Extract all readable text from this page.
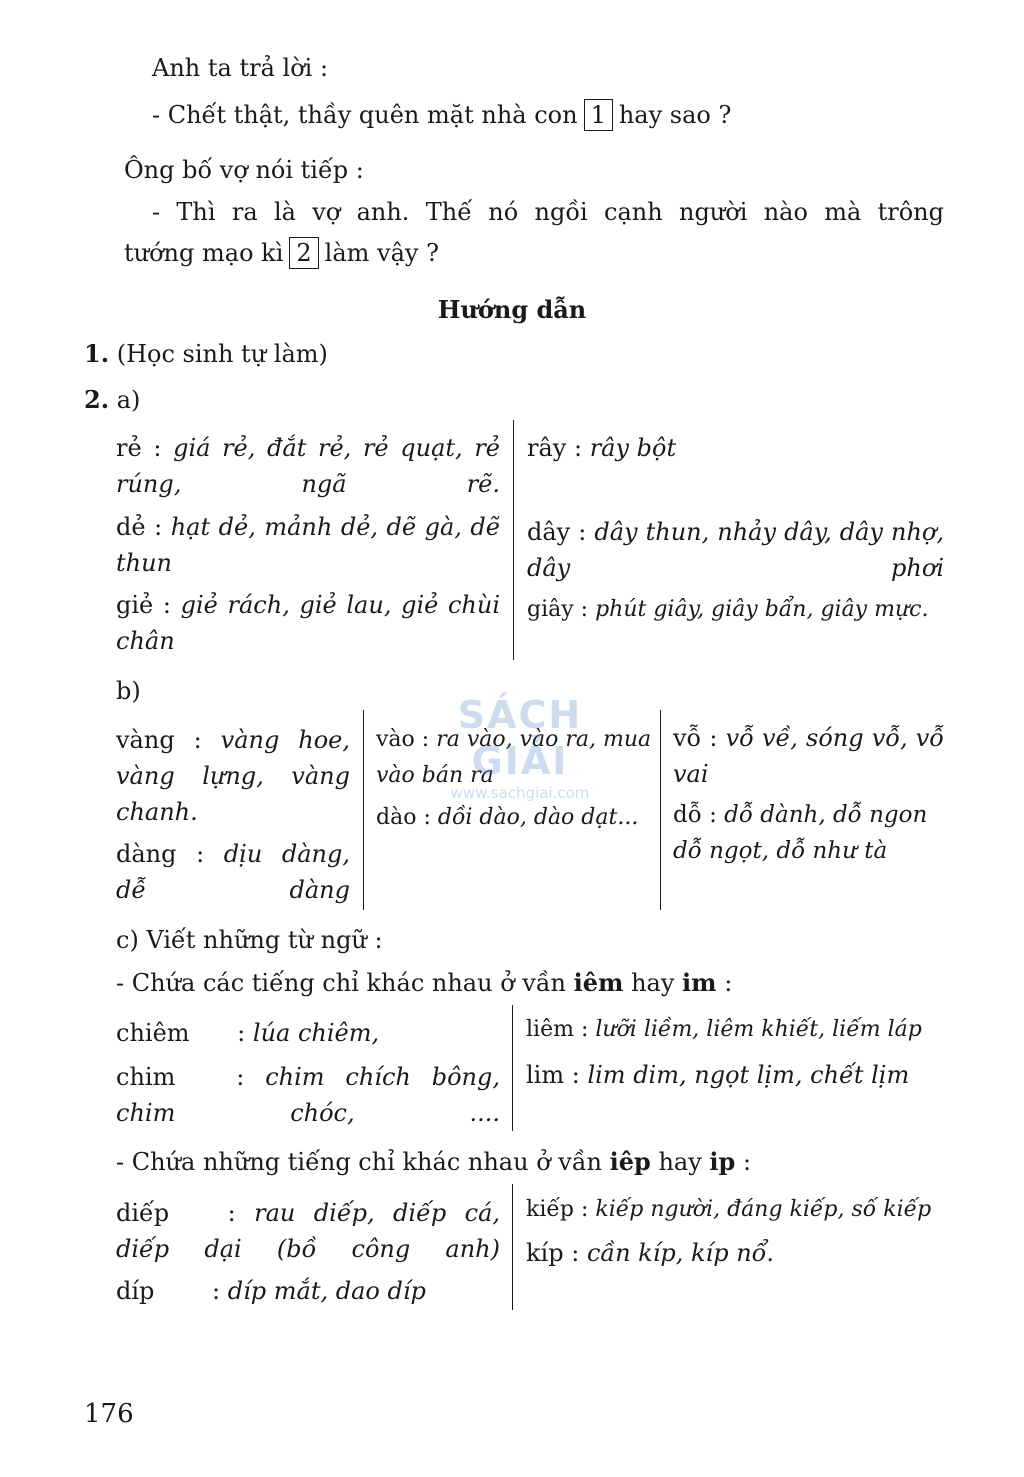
Anh ta trả lời :
- Chết thật, thầy quên mặt nhà con 1 hay sao ?
Ông bố vợ nói tiếp :
- Thì ra là vợ anh. Thế nó ngồi cạnh người nào mà trông
tướng mạo kì 2 làm vậy ?
Hướng dẫn
1. (Học sinh tự làm)
2. a)
rẻ : giá rẻ, đắt rẻ, rẻ quạt, rẻ rúng, ngã rẽ.
dẻ : hạt dẻ, mảnh dẻ, dẽ gà, dẽ thun
giẻ : giẻ rách, giẻ lau, giẻ chùi chân
rây : rây bột
dây : dây thun, nhảy dây, dây nhợ, dây phơi
giây : phút giây, giây bẩn, giây mực.
b)
vàng : vàng hoe, vàng lựng, vàng chanh.
dàng : dịu dàng, dễ dàng
vào : ra vào, vào ra, mua vào bán ra
dào : dồi dào, dào dạt...
vỗ : vỗ về, sóng vỗ, vỗ vai
dỗ : dỗ dành, dỗ ngon dỗ ngọt, dỗ như tà
SÁCH GIẢI
www.sachgiai.com
c) Viết những từ ngữ :
- Chứa các tiếng chỉ khác nhau ở vần iêm hay im :
chiêm : lúa chiêm,
chim : chim chích bông, chim chóc, ....
liêm : lưỡi liềm, liêm khiết, liếm láp
lim : lim dim, ngọt lịm, chết lịm
- Chứa những tiếng chỉ khác nhau ở vần iêp hay ip :
diếp : rau diếp, diếp cá, diếp dại (bồ công anh)
díp : díp mắt, dao díp
kiếp : kiếp người, đáng kiếp, số kiếp
kíp : cần kíp, kíp nổ.
176
